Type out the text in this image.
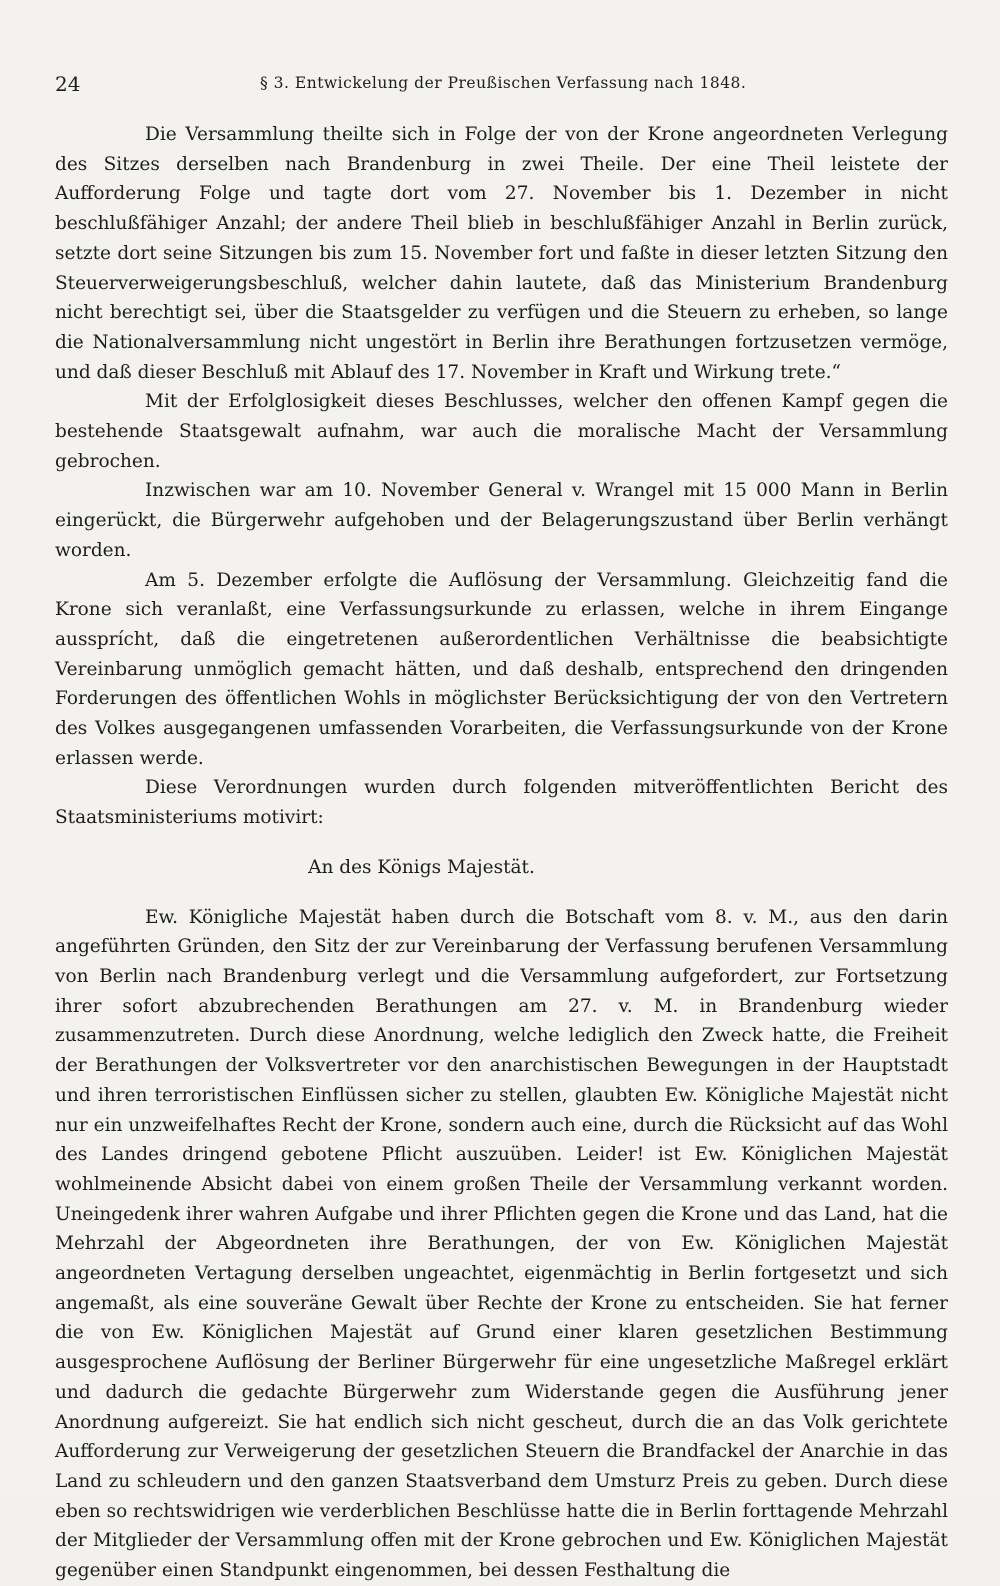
24	§ 3. Entwickelung der Preußischen Verfassung nach 1848.

Die Versammlung theilte sich in Folge der von der Krone angeordneten Verlegung des Sitzes derselben nach Brandenburg in zwei Theile. Der eine Theil leistete der Aufforderung Folge und tagte dort vom 27. November bis 1. Dezember in nicht beschlußfähiger Anzahl; der andere Theil blieb in beschlußfähiger Anzahl in Berlin zurück, setzte dort seine Sitzungen bis zum 15. November fort und faßte in dieser letzten Sitzung den Steuerverweigerungsbeschluß, welcher dahin lautete, daß das Ministerium Brandenburg nicht berechtigt sei, über die Staatsgelder zu verfügen und die Steuern zu erheben, so lange die Nationalversammlung nicht ungestört in Berlin ihre Berathungen fortzusetzen vermöge, und daß dieser Beschluß mit Ablauf des 17. November in Kraft und Wirkung trete.“

Mit der Erfolglosigkeit dieses Beschlusses, welcher den offenen Kampf gegen die bestehende Staatsgewalt aufnahm, war auch die moralische Macht der Versammlung gebrochen.

Inzwischen war am 10. November General v. Wrangel mit 15 000 Mann in Berlin eingerückt, die Bürgerwehr aufgehoben und der Belagerungszustand über Berlin verhängt worden.

Am 5. Dezember erfolgte die Auflösung der Versammlung. Gleichzeitig fand die Krone sich veranlaßt, eine Verfassungsurkunde zu erlassen, welche in ihrem Eingange aussprícht, daß die eingetretenen außerordentlichen Verhältnisse die beabsichtigte Vereinbarung unmöglich gemacht hätten, und daß deshalb, entsprechend den dringenden Forderungen des öffentlichen Wohls in möglichster Berücksichtigung der von den Vertretern des Volkes ausgegangenen umfassenden Vorarbeiten, die Verfassungsurkunde von der Krone erlassen werde.

Diese Verordnungen wurden durch folgenden mitveröffentlichten Bericht des Staatsministeriums motivirt:

An des Königs Majestät.

Ew. Königliche Majestät haben durch die Botschaft vom 8. v. M., aus den darin angeführten Gründen, den Sitz der zur Vereinbarung der Verfassung berufenen Versammlung von Berlin nach Brandenburg verlegt und die Versammlung aufgefordert, zur Fortsetzung ihrer sofort abzubrechenden Berathungen am 27. v. M. in Brandenburg wieder zusammenzutreten. Durch diese Anordnung, welche lediglich den Zweck hatte, die Freiheit der Berathungen der Volksvertreter vor den anarchistischen Bewegungen in der Hauptstadt und ihren terroristischen Einflüssen sicher zu stellen, glaubten Ew. Königliche Majestät nicht nur ein unzweifelhaftes Recht der Krone, sondern auch eine, durch die Rücksicht auf das Wohl des Landes dringend gebotene Pflicht auszuüben. Leider! ist Ew. Königlichen Majestät wohlmeinende Absicht dabei von einem großen Theile der Versammlung verkannt worden. Uneingedenk ihrer wahren Aufgabe und ihrer Pflichten gegen die Krone und das Land, hat die Mehrzahl der Abgeordneten ihre Berathungen, der von Ew. Königlichen Majestät angeordneten Vertagung derselben ungeachtet, eigenmächtig in Berlin fortgesetzt und sich angemaßt, als eine souveräne Gewalt über Rechte der Krone zu entscheiden. Sie hat ferner die von Ew. Königlichen Majestät auf Grund einer klaren gesetzlichen Bestimmung ausgesprochene Auflösung der Berliner Bürgerwehr für eine ungesetzliche Maßregel erklärt und dadurch die gedachte Bürgerwehr zum Widerstande gegen die Ausführung jener Anordnung aufgereizt. Sie hat endlich sich nicht gescheut, durch die an das Volk gerichtete Aufforderung zur Verweigerung der gesetzlichen Steuern die Brandfackel der Anarchie in das Land zu schleudern und den ganzen Staatsverband dem Umsturz Preis zu geben. Durch diese eben so rechtswidrigen wie verderblichen Beschlüsse hatte die in Berlin forttagende Mehrzahl der Mitglieder der Versammlung offen mit der Krone gebrochen und Ew. Königlichen Majestät gegenüber einen Standpunkt eingenommen, bei dessen Festhaltung die
